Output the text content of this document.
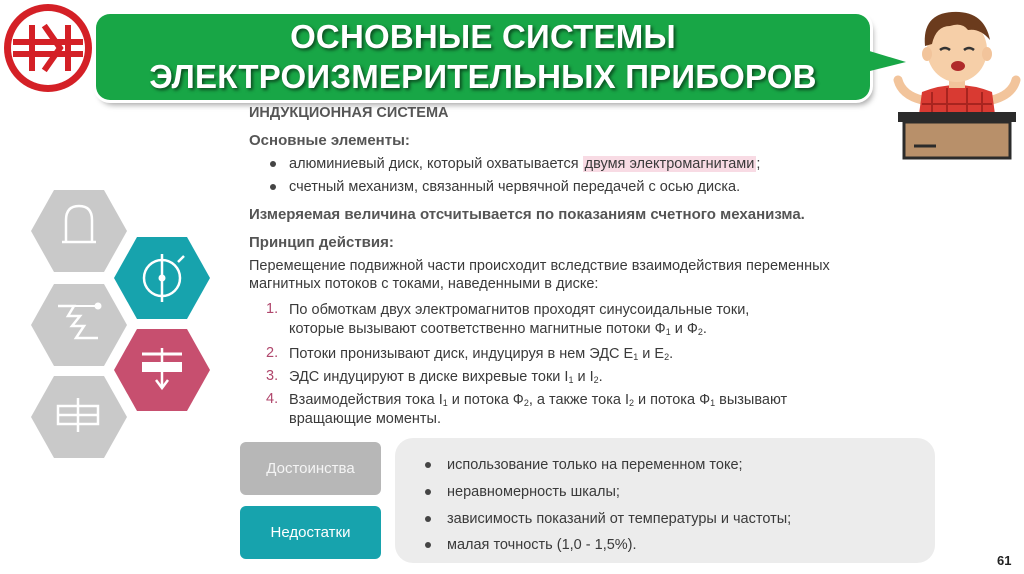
ОСНОВНЫЕ СИСТЕМЫ
ЭЛЕКТРОИЗМЕРИТЕЛЬНЫХ ПРИБОРОВ
ИНДУКЦИОННАЯ СИСТЕМА
Основные элементы:
алюминиевый диск, который охватывается двумя электромагнитами ;
счетный механизм, связанный червячной передачей с осью диска.
Измеряемая величина отсчитывается по показаниям счетного механизма.
Принцип действия:
Перемещение подвижной части происходит вследствие взаимодействия переменных
магнитных потоков с токами, наведенными в диске:
1. По обмоткам двух электромагнитов проходят синусоидальные токи,
которые вызывают соответственно магнитные потоки $Ф_1$ и $Ф_2$.
2. Потоки пронизывают диск, индуцируя в нем ЭДС $Е_1$ и $Е_2$.
3. ЭДС индуцируют в диске вихревые токи $I_1$ и $I_2$.
4. Взаимодействия тока $I_1$ и потока $Ф_2$, а также тока $I_2$ и потока $Ф_1$ вызывают
вращающие моменты.
Достоинства
Недостатки
использование только на переменном токе;
неравномерность шкалы;
зависимость показаний от температуры и частоты;
малая точность (1,0 - 1,5%).
61
